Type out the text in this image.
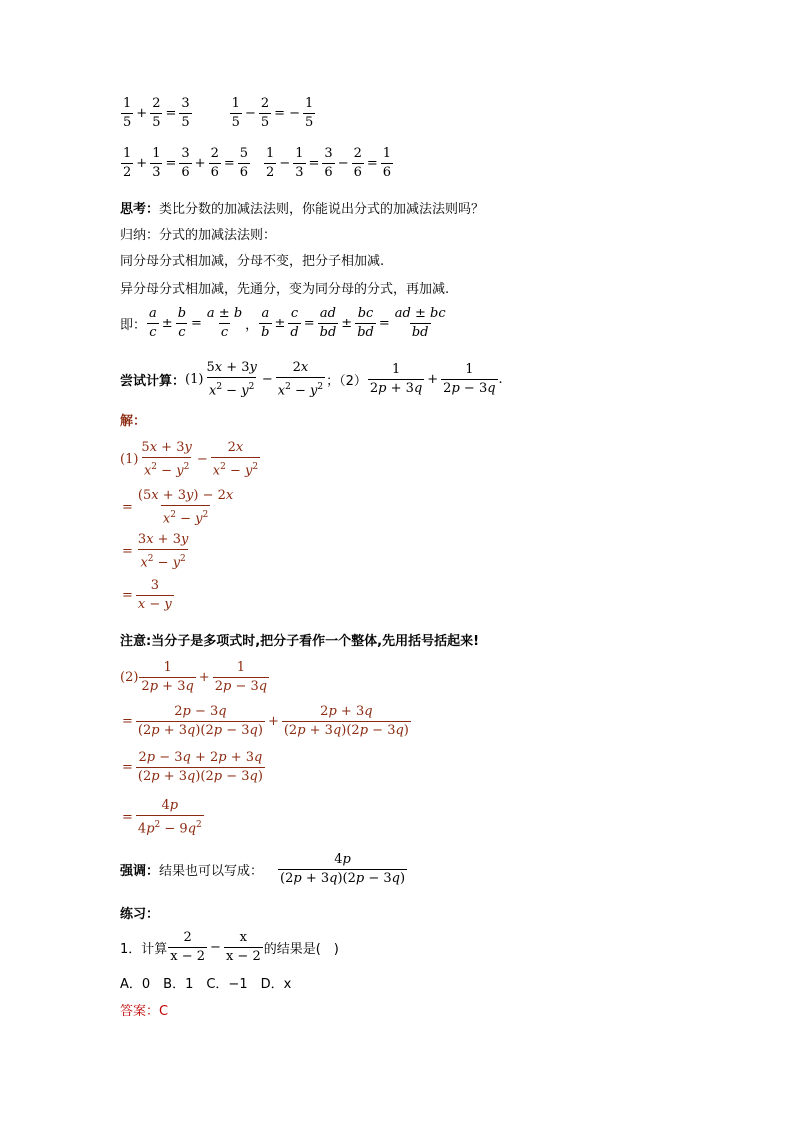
1
5
+ $\frac{2}{5} = \frac{3}{5}$	1
5
− $\frac{2}{5}$ = − $\frac{1}{5}$
1
2
+ $\frac{1}{3} = \frac{3}{6} + \frac{2}{6} = \frac{5}{6} 1$
2
− $\frac{1}{3} = \frac{3}{6} - \frac{2}{6} = \frac{1}{6}$
思考： 类比分数的加减法法则，你能说出分式的加减法法则吗？
归纳： 分式的加减法法则：
同分母分式相加减，分母不变，把分子相加减.
异分母分式相加减，先通分，变为同分母的分式，再加减.
即：
a
c
± $\frac{b}{c} = \frac{a \pm b}{c}$ ，
a
b
± $\frac{c}{d} = \frac{ad}{bd} \pm \frac{bc}{bd} = \frac{ad \pm bc}{bd}$
尝试计算： (1)
5x + 3y
$x^2 - y^2 - \frac{2x}{x^2 - y^2}$ ；（2）
1
2p + 3q
+ $\frac{1}{2p - 3q}$ .
解：
(1)
5x + 3y
$x^2 - y^2 - \frac{2x}{x^2 - y^2}$
= $\frac{(5x + 3y) - 2x}{x^2 - y^2}$
= $\frac{3x + 3y}{x^2 - y^2}$
= $\frac{3}{x - y}$
注意: 当分子是多项式时,把分子看作一个整体,先用括号括起来!
(2)
1
2p + 3q
+ $\frac{1}{2p - 3q}$
= $\frac{2p - 3q}{(2p + 3q)(2p - 3q)} + \frac{2p + 3q}{(2p + 3q)(2p - 3q)}$
= $\frac{2p - 3q + 2p + 3q}{(2p + 3q)(2p - 3q)}$
= $\frac{4p}{4p^2 - 9q^2}$
强调： 结果也可以写成：
4p
(2p + 3q)(2p − 3q)
练习：
1．计算
2
x − 2
− $\frac{x}{x - 2}$ 的结果是(　)
A．0　B．1　C．−1　D．x
答案：C
